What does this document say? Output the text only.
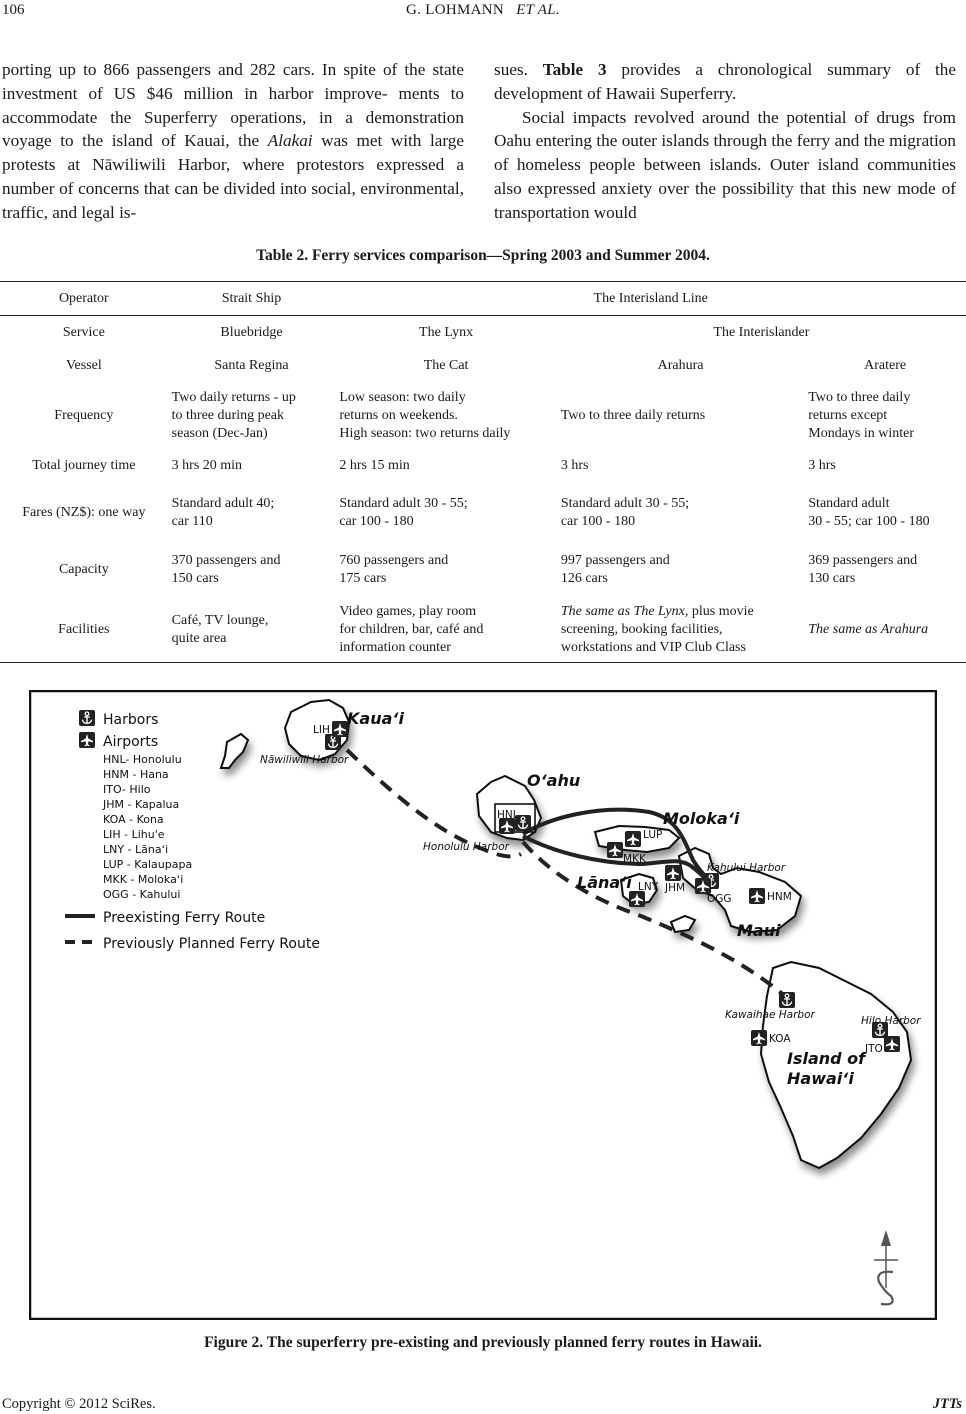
106	G. LOHMANN ET AL.

porting up to 866 passengers and 282 cars. In spite of the state investment of US $46 million in harbor improve- ments to accommodate the Superferry operations, in a demonstration voyage to the island of Kauai, the Alakai was met with large protests at Nāwiliwili Harbor, where protestors expressed a number of concerns that can be divided into social, environmental, traffic, and legal is-

sues. Table 3 provides a chronological summary of the development of Hawaii Superferry.

Social impacts revolved around the potential of drugs from Oahu entering the outer islands through the ferry and the migration of homeless people between islands. Outer island communities also expressed anxiety over the possibility that this new mode of transportation would

Table 2. Ferry services comparison—Spring 2003 and Summer 2004.
Operator	Strait Ship	The Interisland Line		
Service	Bluebridge	The Lynx	The Interislander	
Vessel	Santa Regina	The Cat	Arahura	Aratere
Frequency	Two daily returns - up
to three during peak
season (Dec-Jan)	Low season: two daily
returns on weekends.
High season: two returns daily	Two to three daily returns	Two to three daily
returns except
Mondays in winter

Total journey time	3 hrs 20 min	2 hrs 15 min	3 hrs	3 hrs
Fares (NZ$): one way	Standard adult 40;
car 110	Standard adult 30 - 55;
car 100 - 180	Standard adult 30 - 55;
car 100 - 180	Standard adult
30 - 55; car 100 - 180

Capacity	370 passengers and
150 cars	760 passengers and
175 cars	997 passengers and
126 cars	369 passengers and
130 cars

Facilities	Café, TV lounge,
quite area	Video games, play room
for children, bar, café and
information counter	The same as The Lynx, plus movie
screening, booking facilities,
workstations and VIP Club Class	The same as Arahura
Kauaʻi
Oʻahu
Molokaʻi
Lānaʻi
Maui
Island of
Hawaiʻi
Nāwiliwili Harbor
Honolulu Harbor
Kahului Harbor
Kawaihae Harbor	Hilo Harbor
LIH
HNL
LUP
MKK
LNY JHM
OGG	HNM
KOA
ITO
Harbors
Airports
HNL- Honolulu
HNM - Hana
ITO- Hilo
JHM - Kapalua
KOA - Kona
LIH - Lihu'e
LNY - Lānaʻi
LUP - Kalaupapa
MKK - Molokaʻi
OGG - Kahului
Preexisting Ferry Route
Previously Planned Ferry Route
Figure 2. The superferry pre-existing and previously planned ferry routes in Hawaii.
Copyright © 2012 SciRes.	JTTs
